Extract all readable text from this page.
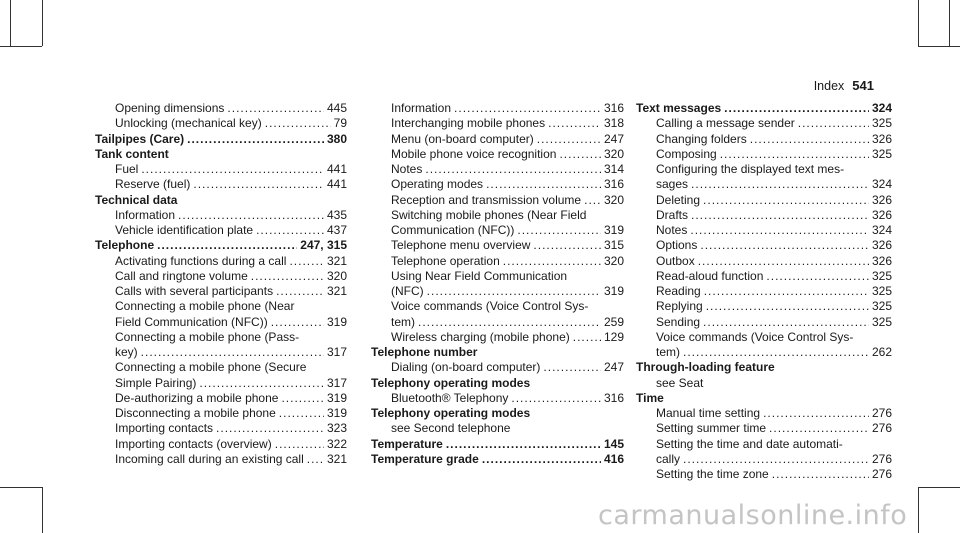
Index 541
Opening dimensions .....	445
Unlocking (mechanical key) .....	79
Tailpipes (Care) .....	380
Tank content
Fuel .....	441
Reserve (fuel) .....	441
Technical data
Information .....	435
Vehicle identification plate .....	437
Telephone .....	247, 315
Activating functions during a call .....	321
Call and ringtone volume .....	320
Calls with several participants .....	321
Connecting a mobile phone (Near
Field Communication (NFC)) .....	319
Connecting a mobile phone (Pass-
key) .....	317
Connecting a mobile phone (Secure
Simple Pairing) .....	317
De-authorizing a mobile phone .....	319
Disconnecting a mobile phone .....	319
Importing contacts .....	323
Importing contacts (overview) .....	322
Incoming call during an existing call ..... 321
Information .....	316
Interchanging mobile phones .....	318
Menu (on-board computer) .....	247
Mobile phone voice recognition .....	320
Notes .....	314
Operating modes .....	316
Reception and transmission volume ..... 320
Switching mobile phones (Near Field
Communication (NFC)) .....	319
Telephone menu overview .....	315
Telephone operation .....	320
Using Near Field Communication
(NFC) .....	319
Voice commands (Voice Control Sys-
tem) .....	259
Wireless charging (mobile phone) .....	129
Telephone number
Dialing (on-board computer) .....	247
Telephony operating modes
Bluetooth® Telephony .....	316
Telephony operating modes
see Second telephone
Temperature .....	145
Temperature grade .....	416
Text messages .....	324
Calling a message sender .....	325
Changing folders .....	326
Composing .....	325
Configuring the displayed text mes-
sages .....	324
Deleting .....	326
Drafts .....	326
Notes .....	324
Options .....	326
Outbox .....	326
Read-aloud function .....	325
Reading .....	325
Replying .....	325
Sending .....	325
Voice commands (Voice Control Sys-
tem) .....	262
Through-loading feature
see Seat
Time
Manual time setting .....	276
Setting summer time .....	276
Setting the time and date automati-
cally .....	276
Setting the time zone .....	276
carmanualsonline.info
